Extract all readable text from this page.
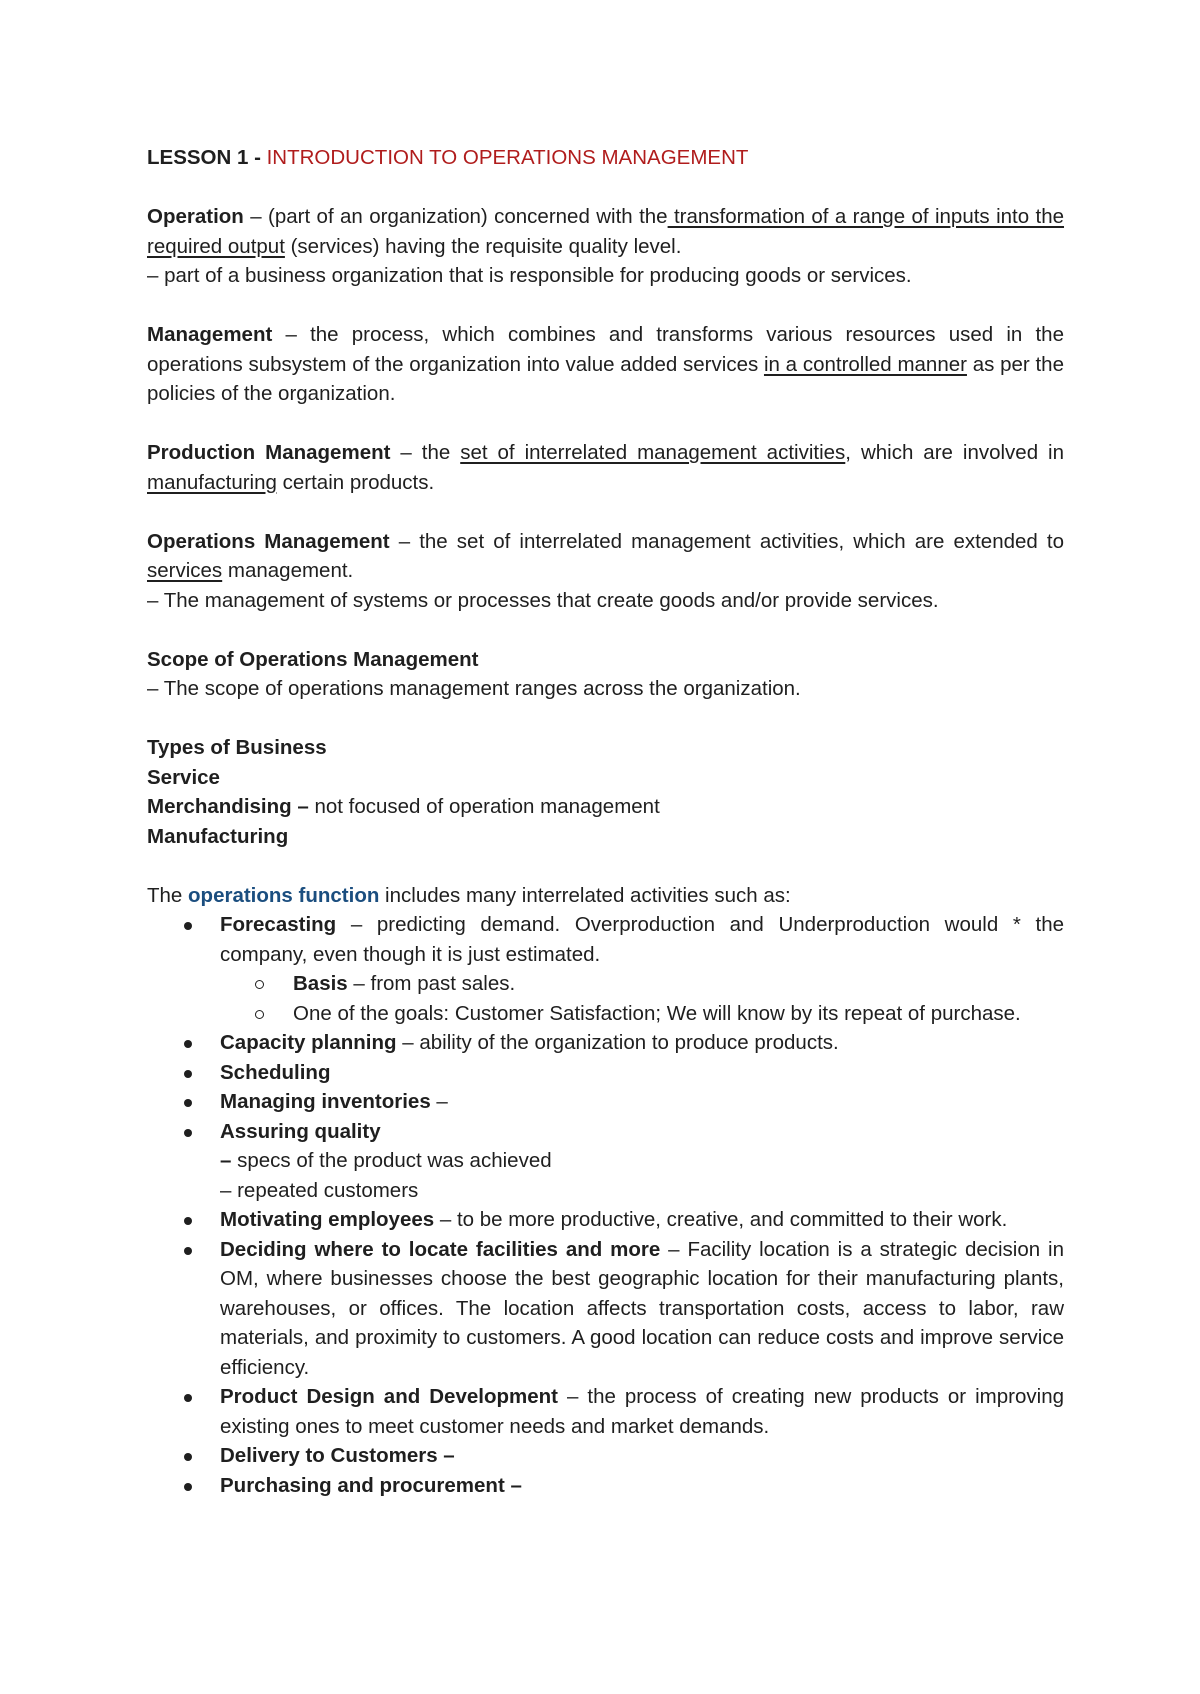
LESSON 1 - INTRODUCTION TO OPERATIONS MANAGEMENT

Operation – (part of an organization) concerned with the transformation of a range of inputs into the required output (services) having the requisite quality level.

– part of a business organization that is responsible for producing goods or services.

Management – the process, which combines and transforms various resources used in the operations subsystem of the organization into value added services in a controlled manner as per the policies of the organization.

Production Management – the set of interrelated management activities, which are involved in manufacturing certain products.

Operations Management – the set of interrelated management activities, which are extended to services management.

– The management of systems or processes that create goods and/or provide services.

Scope of Operations Management

– The scope of operations management ranges across the organization.

Types of Business

Service

Merchandising – not focused of operation management

Manufacturing

The operations function includes many interrelated activities such as:

Forecasting – predicting demand. Overproduction and Underproduction would * the company, even though it is just estimated.
Basis – from past sales.
One of the goals: Customer Satisfaction; We will know by its repeat of purchase.
Capacity planning – ability of the organization to produce products.
Scheduling
Managing inventories –
Assuring quality
– specs of the product was achieved
– repeated customers
Motivating employees – to be more productive, creative, and committed to their work.
Deciding where to locate facilities and more – Facility location is a strategic decision in OM, where businesses choose the best geographic location for their manufacturing plants, warehouses, or offices. The location affects transportation costs, access to labor, raw materials, and proximity to customers. A good location can reduce costs and improve service efficiency.
Product Design and Development – the process of creating new products or improving existing ones to meet customer needs and market demands.
Delivery to Customers –
Purchasing and procurement –
